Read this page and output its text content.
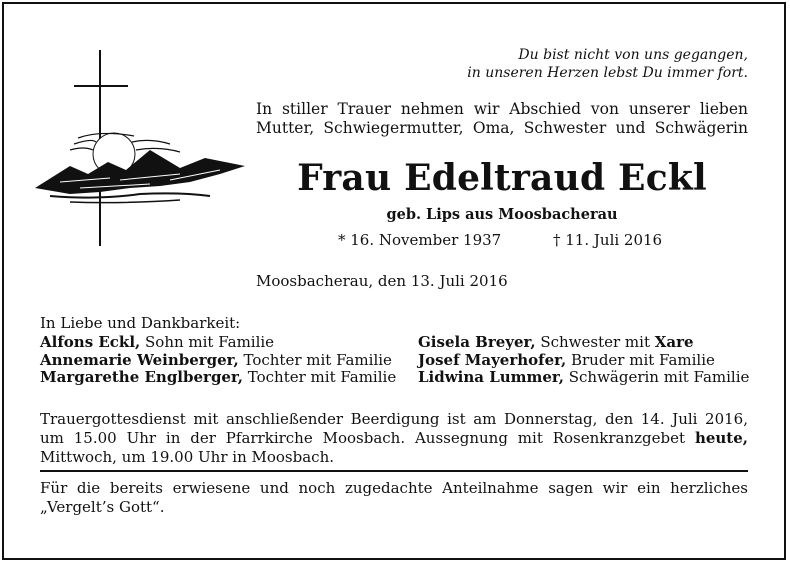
Du bist nicht von uns gegangen,
in unseren Herzen lebst Du immer fort.
In stiller Trauer nehmen wir Abschied von unserer lieben Mutter, Schwiegermutter, Oma, Schwester und Schwägerin
Frau Edeltraud Eckl
geb. Lips aus Moosbacherau
* 16. November 1937	† 11. Juli 2016
Moosbacherau, den 13. Juli 2016
In Liebe und Dankbarkeit:
Alfons Eckl, Sohn mit Familie
Annemarie Weinberger, Tochter mit Familie
Margarethe Englberger, Tochter mit Familie
Gisela Breyer, Schwester mit Xare
Josef Mayerhofer, Bruder mit Familie
Lidwina Lummer, Schwägerin mit Familie
Trauergottesdienst mit anschließender Beerdigung ist am Donnerstag, den 14. Juli 2016, um 15.00 Uhr in der Pfarrkirche Moosbach. Aussegnung mit Rosenkranzgebet heute, Mittwoch, um 19.00 Uhr in Moosbach.
Für die bereits erwiesene und noch zugedachte Anteilnahme sagen wir ein herzliches „Vergelt’s Gott“.
